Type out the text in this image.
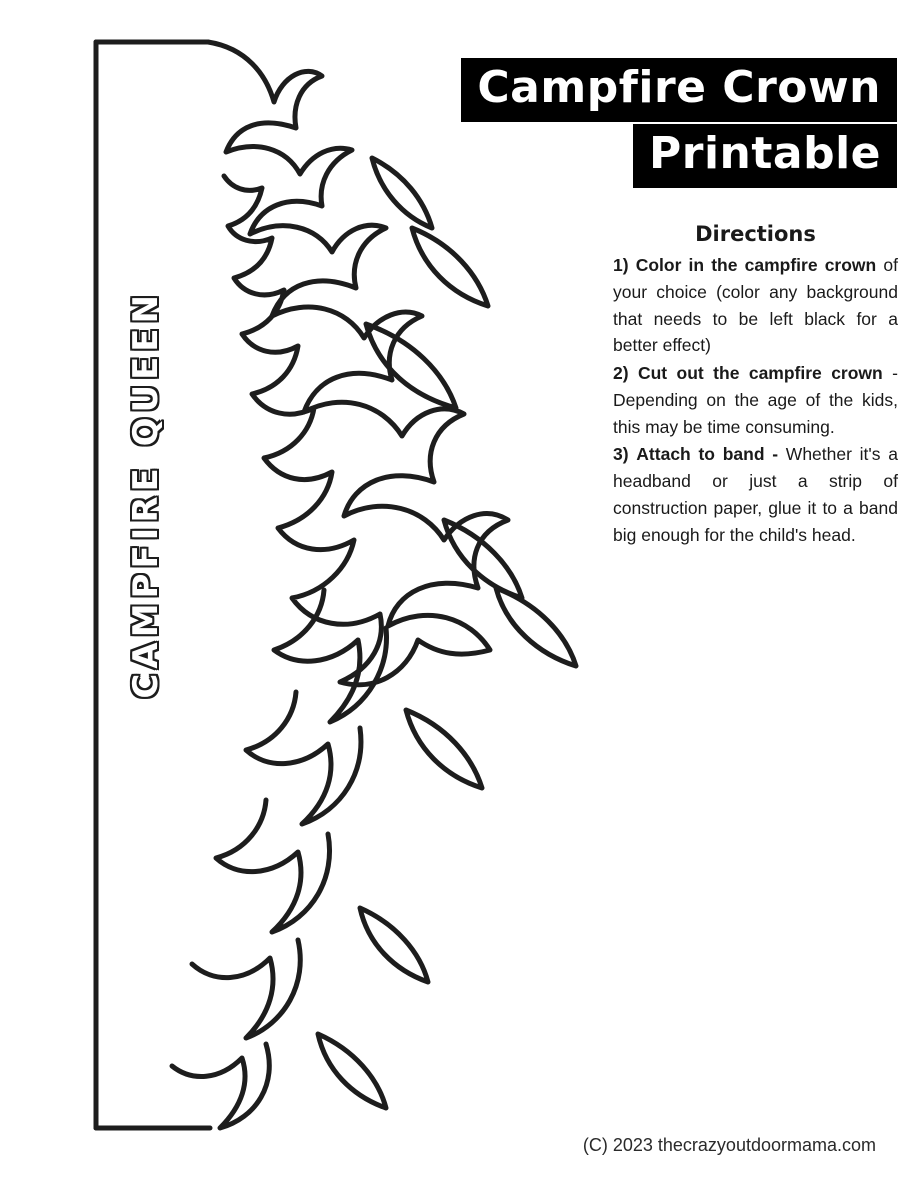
Campfire Crown Printable
Directions

1) Color in the campfire crown of your choice (color any background that needs to be left black for a better effect)

2) Cut out the campfire crown - Depending on the age of the kids, this may be time consuming.

3) Attach to band - Whether it's a headband or just a strip of construction paper, glue it to a band big enough for the child's head.

CAMPFIRE QUEEN
(C) 2023 thecrazyoutdoormama.com
